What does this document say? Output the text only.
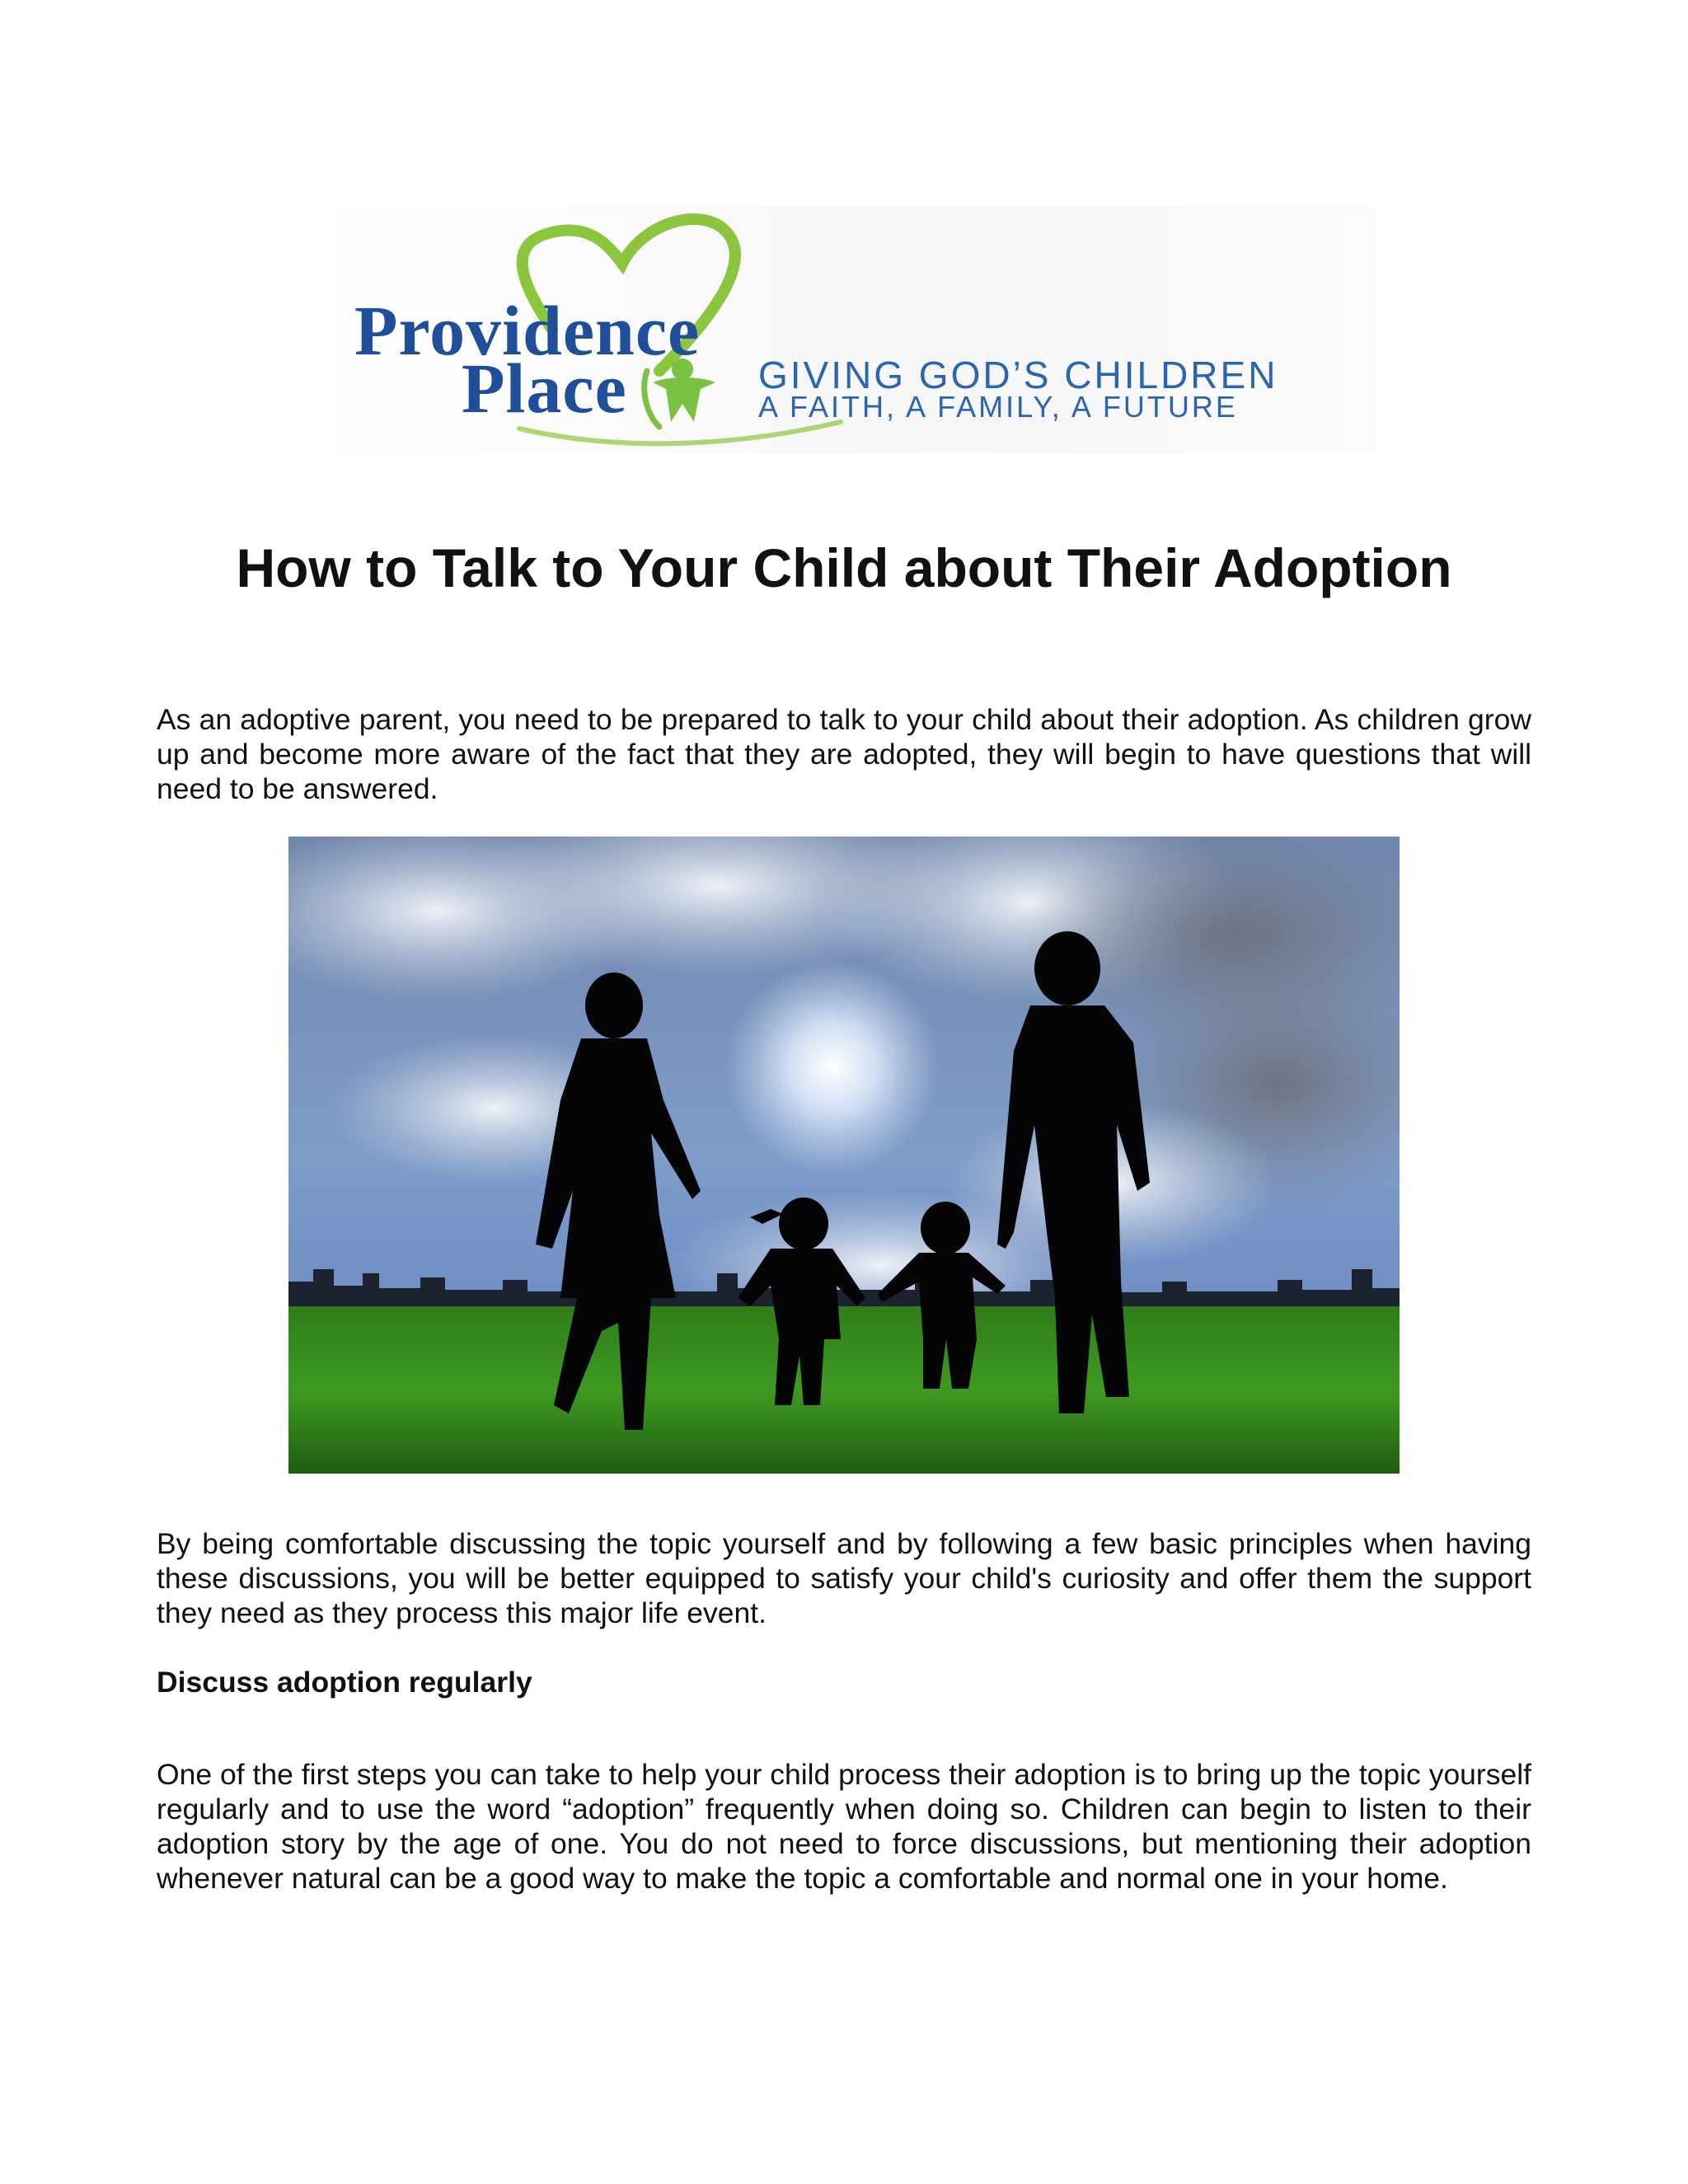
Providence
Place	GIVING GOD’S CHILDREN
A FAITH, A FAMILY, A FUTURE
How to Talk to Your Child about Their Adoption

As an adoptive parent, you need to be prepared to talk to your child about their adoption. As children grow up and become more aware of the fact that they are adopted, they will begin to have questions that will need to be answered.

By being comfortable discussing the topic yourself and by following a few basic principles when having these discussions, you will be better equipped to satisfy your child's curiosity and offer them the support they need as they process this major life event.

Discuss adoption regularly

One of the first steps you can take to help your child process their adoption is to bring up the topic yourself regularly and to use the word “adoption” frequently when doing so. Children can begin to listen to their adoption story by the age of one. You do not need to force discussions, but mentioning their adoption whenever natural can be a good way to make the topic a comfortable and normal one in your home.
